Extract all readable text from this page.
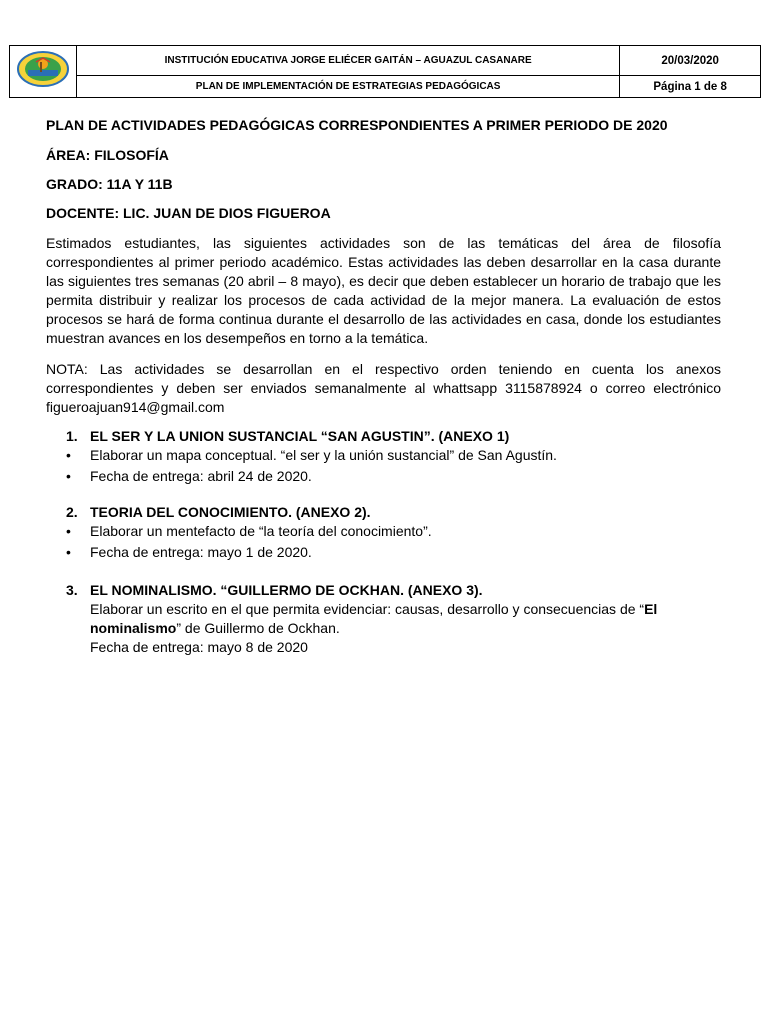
	INSTITUCIÓN EDUCATIVA JORGE ELIÉCER GAITÁN – AGUAZUL CASANARE	20/03/2020
	PLAN DE IMPLEMENTACIÓN DE ESTRATEGIAS PEDAGÓGICAS	Página 1 de 8
PLAN DE ACTIVIDADES PEDAGÓGICAS CORRESPONDIENTES A PRIMER PERIODO DE 2020
ÁREA: FILOSOFÍA
GRADO: 11A Y 11B
DOCENTE: LIC. JUAN DE DIOS FIGUEROA

Estimados estudiantes, las siguientes actividades son de las temáticas del área de filosofía correspondientes al primer periodo académico. Estas actividades las deben desarrollar en la casa durante las siguientes tres semanas (20 abril – 8 mayo), es decir que deben establecer un horario de trabajo que les permita distribuir y realizar los procesos de cada actividad de la mejor manera. La evaluación de estos procesos se hará de forma continua durante el desarrollo de las actividades en casa, donde los estudiantes muestran avances en los desempeños en torno a la temática.

NOTA: Las actividades se desarrollan en el respectivo orden teniendo en cuenta los anexos correspondientes y deben ser enviados semanalmente al whattsapp 3115878924 o correo electrónico figueroajuan914@gmail.com

1. EL SER Y LA UNION SUSTANCIAL “SAN AGUSTIN”. (ANEXO 1)
• Elaborar un mapa conceptual. “el ser y la unión sustancial” de San Agustín.
• Fecha de entrega: abril 24 de 2020.
2. TEORIA DEL CONOCIMIENTO. (ANEXO 2).
• Elaborar un mentefacto de “la teoría del conocimiento”.
• Fecha de entrega: mayo 1 de 2020.
3. EL NOMINALISMO. “GUILLERMO DE OCKHAN. (ANEXO 3).
Elaborar un escrito en el que permita evidenciar: causas, desarrollo y consecuencias de “El
nominalismo” de Guillermo de Ockhan.
Fecha de entrega: mayo 8 de 2020
